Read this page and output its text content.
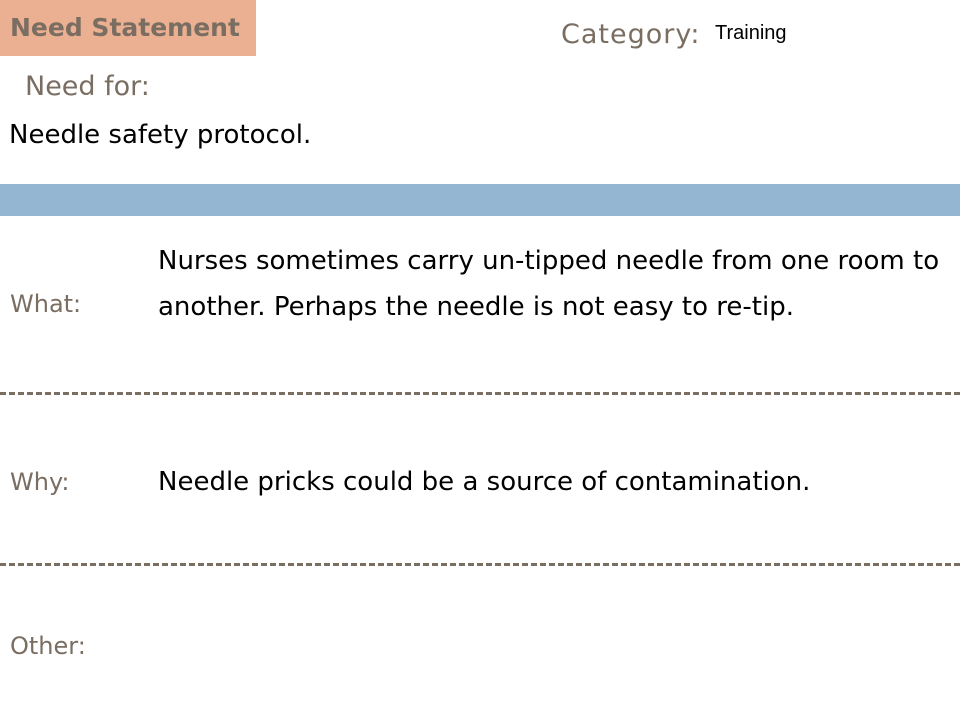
Need Statement	Category: Training
Need for:
Needle safety protocol.
What:
Nurses sometimes carry un-tipped needle from one room to another. Perhaps the needle is not easy to re-tip.
Why:	Needle pricks could be a source of contamination.
Other:
